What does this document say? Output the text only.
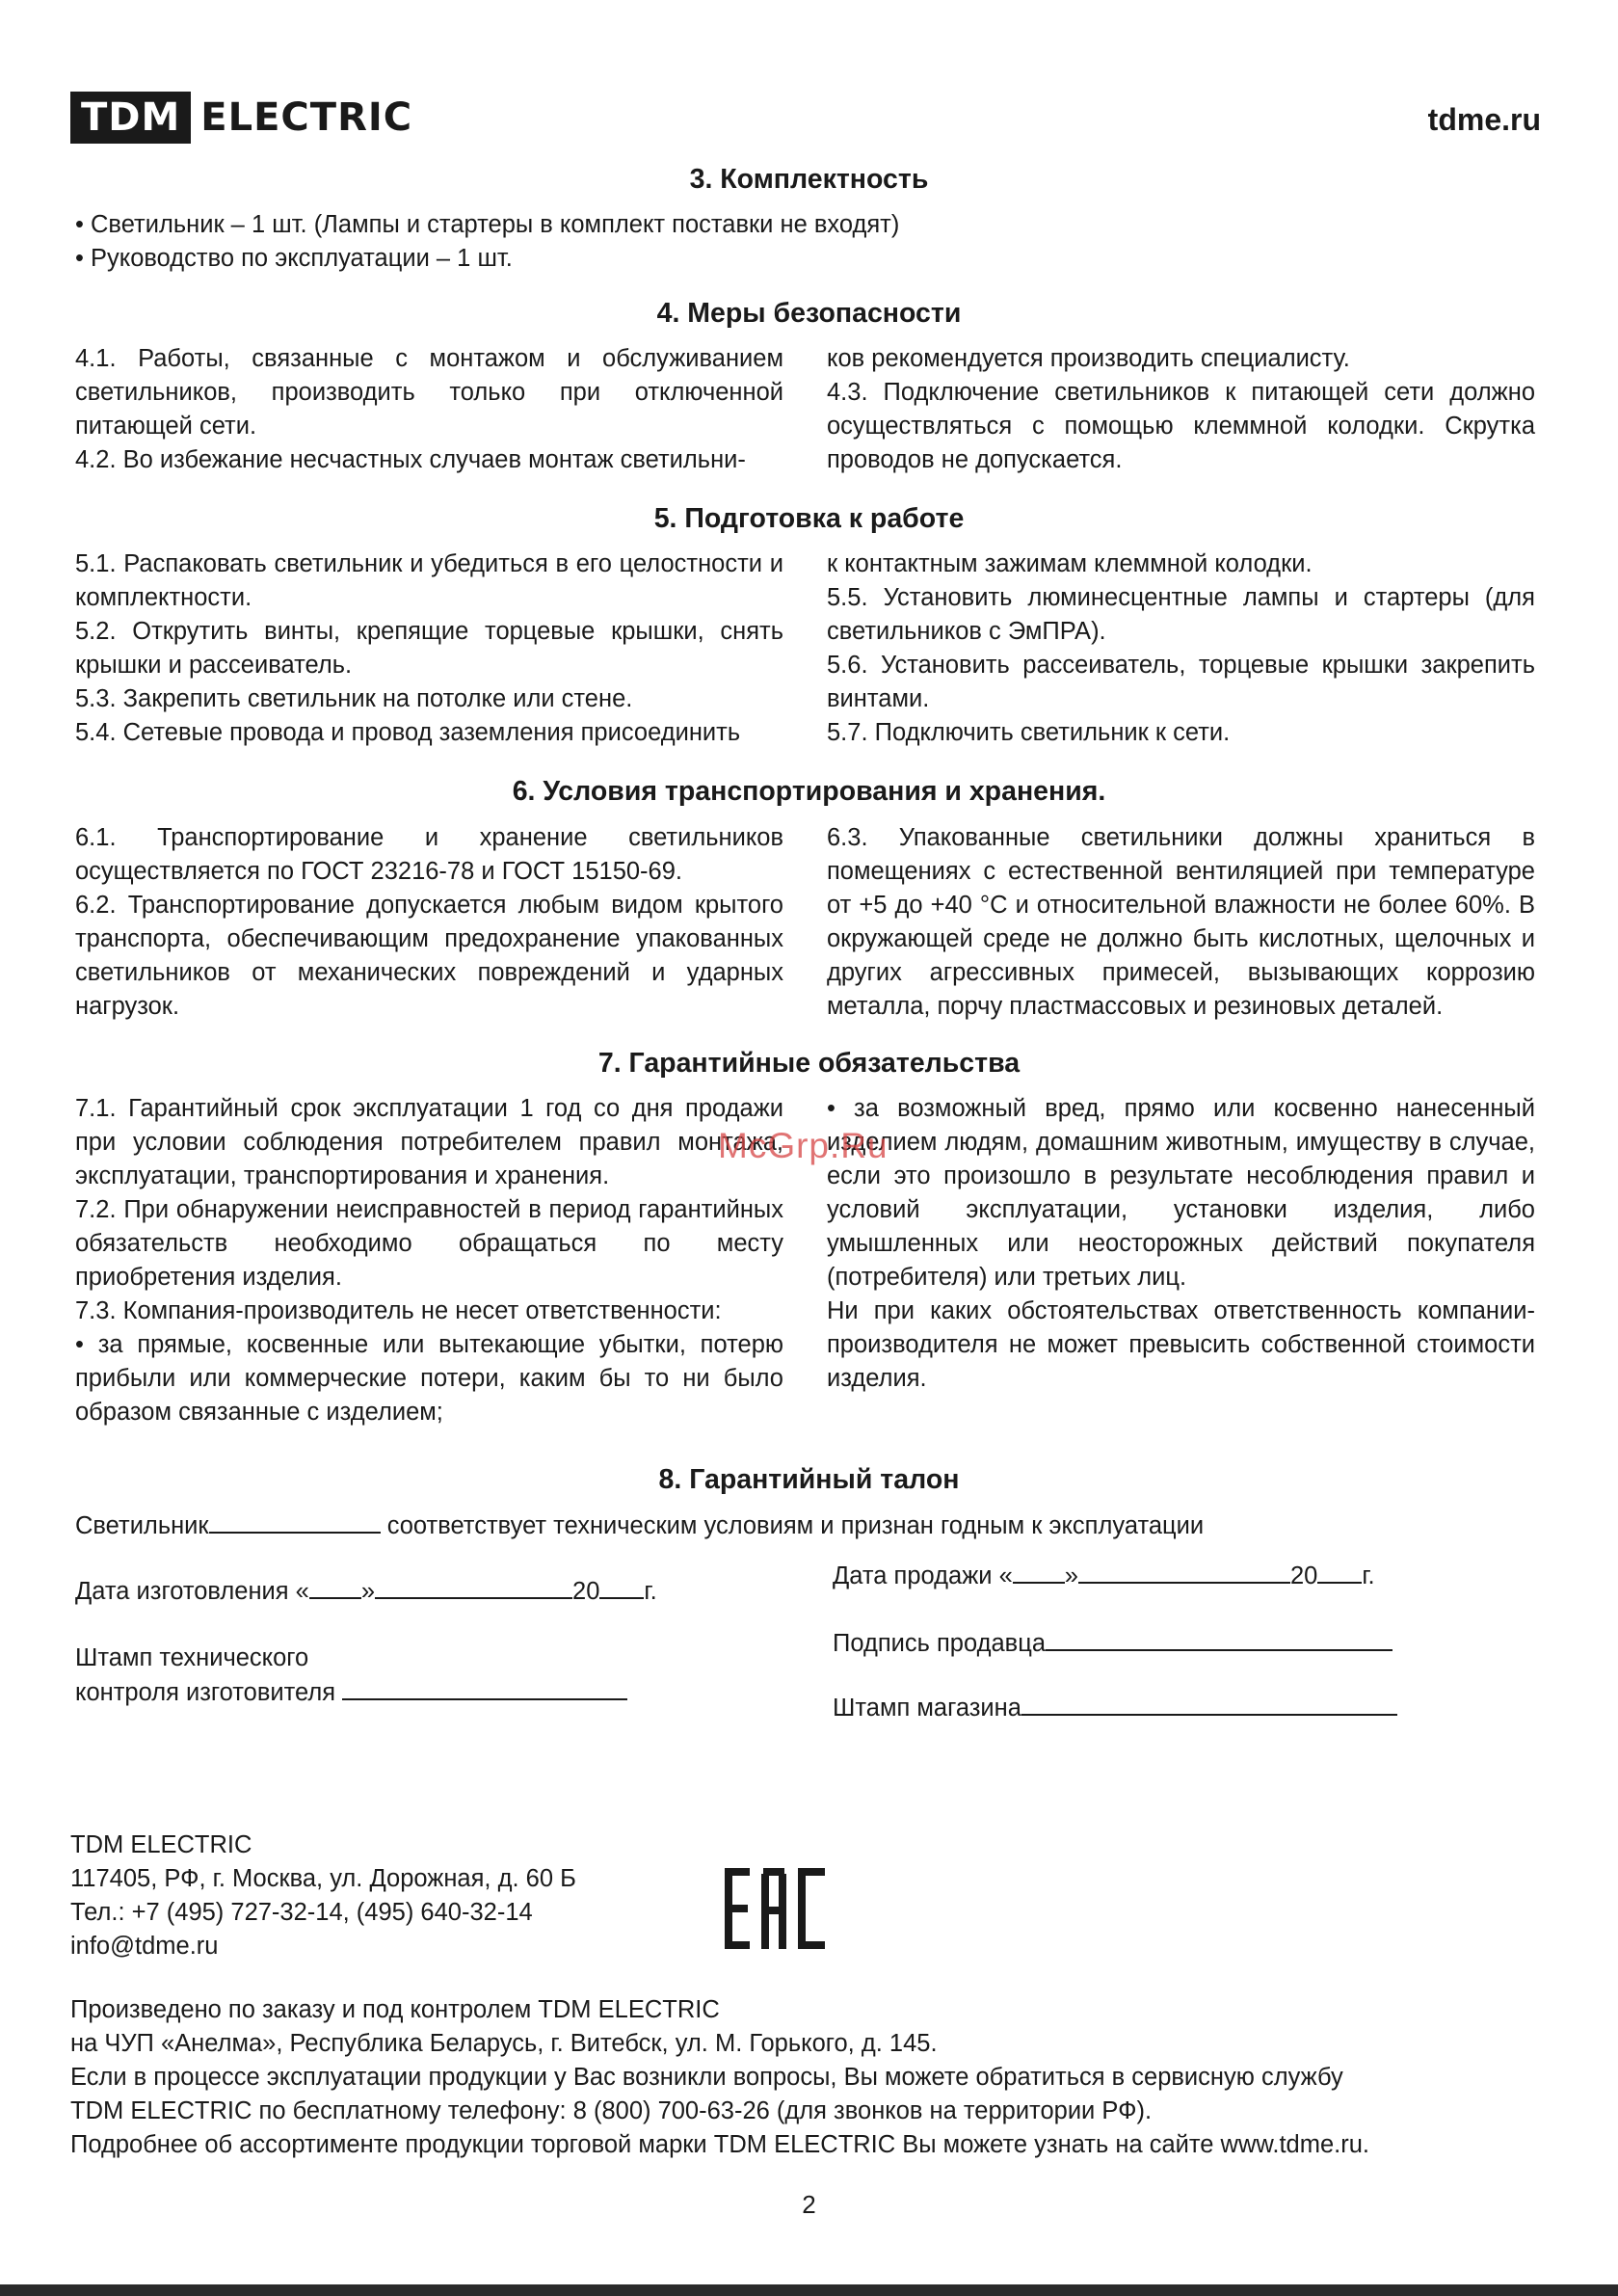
TDM ELECTRIC	tdme.ru
3. Комплектность
• Светильник – 1 шт. (Лампы и стартеры в комплект поставки не входят)
• Руководство по эксплуатации – 1 шт.
4. Меры безопасности

4.1. Работы, связанные с монтажом и обслуживанием светильников, производить только при отключенной питающей сети.

4.2. Во избежание несчастных случаев монтаж светильни-

ков рекомендуется производить специалисту.

4.3. Подключение светильников к питающей сети должно осуществляться с помощью клеммной колодки. Скрутка проводов не допускается.

5. Подготовка к работе

5.1. Распаковать светильник и убедиться в его целостности и комплектности.

5.2. Открутить винты, крепящие торцевые крышки, снять крышки и рассеиватель.

5.3. Закрепить светильник на потолке или стене.

5.4. Сетевые провода и провод заземления присоединить

к контактным зажимам клеммной колодки.

5.5. Установить люминесцентные лампы и стартеры (для светильников с ЭмПРА).

5.6. Установить рассеиватель, торцевые крышки закрепить винтами.

5.7. Подключить светильник к сети.

6. Условия транспортирования и хранения.

6.1. Транспортирование и хранение светильников осуществляется по ГОСТ 23216-78 и ГОСТ 15150-69.

6.2. Транспортирование допускается любым видом крытого транспорта, обеспечивающим предохранение упакованных светильников от механических повреждений и ударных нагрузок.

6.3. Упакованные светильники должны храниться в помещениях с естественной вентиляцией при температуре от +5 до +40 °С и относительной влажности не более 60%. В окружающей среде не должно быть кислотных, щелочных и других агрессивных примесей, вызывающих коррозию металла, порчу пластмассовых и резиновых деталей.

7. Гарантийные обязательства

7.1. Гарантийный срок эксплуатации 1 год со дня продажи при условии соблюдения потребителем правил монтажа, эксплуатации, транспортирования и хранения.

7.2. При обнаружении неисправностей в период гарантийных обязательств необходимо обращаться по месту приобретения изделия.

7.3. Компания-производитель не несет ответственности:

• за прямые, косвенные или вытекающие убытки, потерю прибыли или коммерческие потери, каким бы то ни было образом связанные с изделием;

• за возможный вред, прямо или косвенно нанесенный изделием людям, домашним животным, имуществу в случае, если это произошло в результате несоблюдения правил и условий эксплуатации, установки изделия, либо умышленных или неосторожных действий покупателя (потребителя) или третьих лиц.

Ни при каких обстоятельствах ответственность компании-производителя не может превысить собственной стоимости изделия.

McGrp.Ru
8. Гарантийный талон
Светильник	соответствует техническим условиям и признан годным к эксплуатации
Дата изготовления « »	20 г.
Штамп технического
контроля изготовителя
Дата продажи « »	20 г.
Подпись продавца
Штамп магазина
TDM ELECTRIC
117405, РФ, г. Москва, ул. Дорожная, д. 60 Б
Тел.: +7 (495) 727-32-14, (495) 640-32-14
info@tdme.ru
Произведено по заказу и под контролем TDM ELECTRIC
на ЧУП «Анелма», Республика Беларусь, г. Витебск, ул. М. Горького, д. 145.
Если в процессе эксплуатации продукции у Вас возникли вопросы, Вы можете обратиться в сервисную службу
TDM ELECTRIC по бесплатному телефону: 8 (800) 700-63-26 (для звонков на территории РФ).
Подробнее об ассортименте продукции торговой марки TDM ELECTRIC Вы можете узнать на сайте www.tdme.ru.
2
